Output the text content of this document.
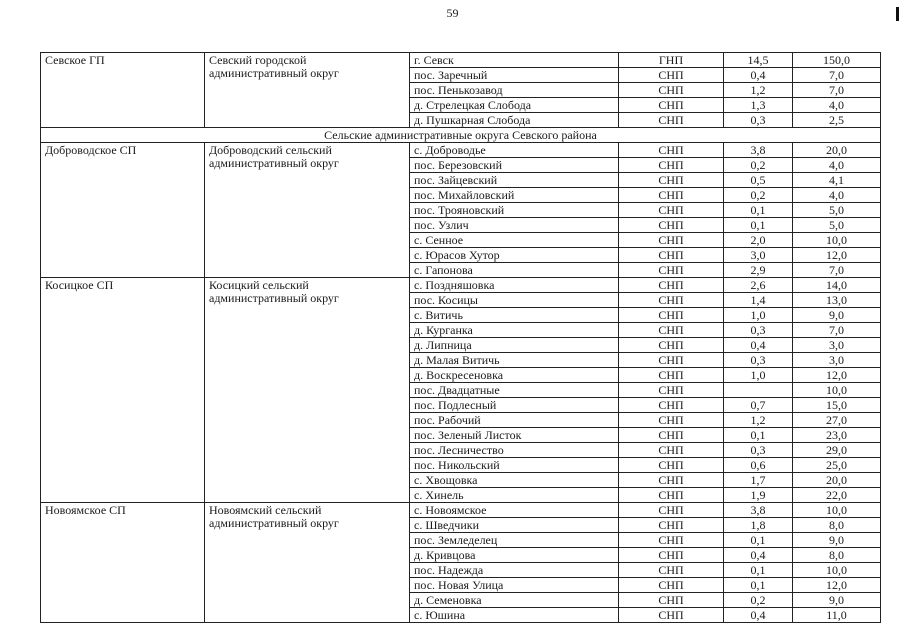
59
Севское ГП	Севский городской административный округ	г. Севск	ГНП	14,5	150,0
		пос. Заречный	СНП	0,4	7,0
		пос. Пенькозавод	СНП	1,2	7,0
		д. Стрелецкая Слобода	СНП	1,3	4,0
		д. Пушкарная Слобода	СНП	0,3	2,5
Сельские административные округа Севского района					
Доброводское СП	Доброводский сельский административный округ	с. Доброводье	СНП	3,8	20,0
		пос. Березовский	СНП	0,2	4,0
		пос. Зайцевский	СНП	0,5	4,1
		пос. Михайловский	СНП	0,2	4,0
		пос. Трояновский	СНП	0,1	5,0
		пос. Узлич	СНП	0,1	5,0
		с. Сенное	СНП	2,0	10,0
		с. Юрасов Хутор	СНП	3,0	12,0
		с. Гапонова	СНП	2,9	7,0
Косицкое СП	Косицкий сельский административный округ	с. Поздняшовка	СНП	2,6	14,0
		пос. Косицы	СНП	1,4	13,0
		с. Витичь	СНП	1,0	9,0
		д. Курганка	СНП	0,3	7,0
		д. Липница	СНП	0,4	3,0
		д. Малая Витичь	СНП	0,3	3,0
		д. Воскресеновка	СНП	1,0	12,0
		пос. Двадцатные	СНП		10,0
		пос. Подлесный	СНП	0,7	15,0
		пос. Рабочий	СНП	1,2	27,0
		пос. Зеленый Листок	СНП	0,1	23,0
		пос. Лесничество	СНП	0,3	29,0
		пос. Никольский	СНП	0,6	25,0
		с. Хвощовка	СНП	1,7	20,0
		с. Хинель	СНП	1,9	22,0
Новоямское СП	Новоямский сельский административный округ	с. Новоямское	СНП	3,8	10,0
		с. Шведчики	СНП	1,8	8,0
		пос. Земледелец	СНП	0,1	9,0
		д. Кривцова	СНП	0,4	8,0
		пос. Надежда	СНП	0,1	10,0
		пос. Новая Улица	СНП	0,1	12,0
		д. Семеновка	СНП	0,2	9,0
		с. Юшина	СНП	0,4	11,0
